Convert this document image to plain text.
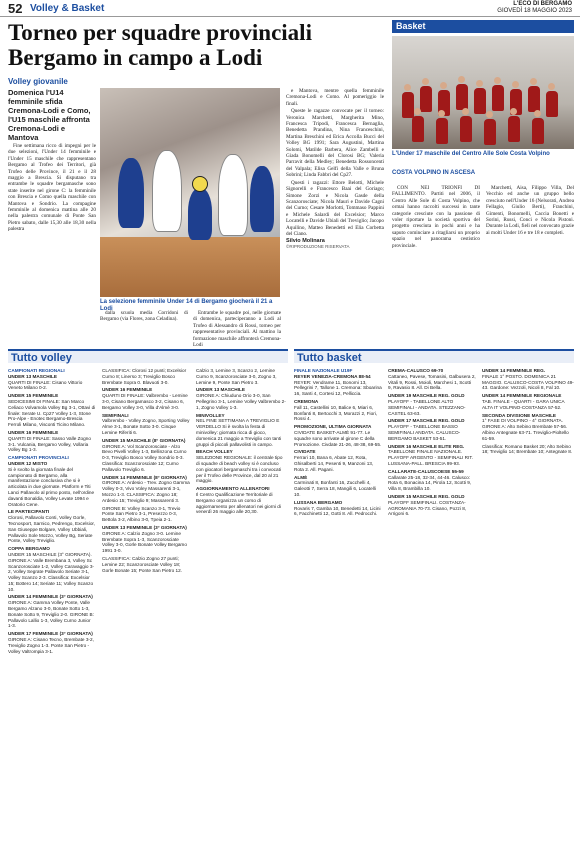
52 Volley & Basket	L'ECO DI BERGAMO
GIOVEDÌ 18 MAGGIO 2023
Torneo per squadre provinciali Bergamo in campo a Lodi
Volley giovanile
Domenica l'U14 femminile sfida Cremona-Lodi e Como, l'U15 maschile affronta Cremona-Lodi e Mantova

Fine settimana ricco di impegni per le due selezioni, l'Under 14 femminile e l'Under 15 maschile che rappresentano Bergamo al Trofeo dei Territori, già Trofeo delle Province, il 21 e il 28 maggio a Brescia. Si disputano tra entrambe le squadre bergamasche sono state inserite nel girone C: la femminile con Brescia e Como quella maschile con Mantova e Sondrio. La compagine femminile al domenica mattina alle 20 nella palestra comunale di Ponte San Pietro sabato, dalle 15,30 alle 18,30 nella palestra

La selezione femminile Under 14 di Bergamo giocherà il 21 a Lodi

dalla scuola media Corridoni di Bergamo (via Flores, zona Celadina).

Entrambe le squadre poi, nelle giornate di domenica, parteciperanno a Lodi al Trofeo di Alessandro di Rossi, torneo per rappresentative provinciali. Al mattino la formazione maschile affronterà Cremona-Lodi

e Mantova, mentre quella femminile Cremona-Lodi e Como. Al pomeriggio le finali.

Queste le ragazze convocate per il torneo: Veronica Marchetti, Margherita Mino, Francesca Tripodi, Francesca Bernaglia, Benedetta Prandina, Nina Franceschini, Martina Breschini ed Erica Accolla Bucci del Volley BG 1991; Sara Augustini, Martina Solomi, Matilde Barbera, Alice Zambelli e Giada Bonomelli del Clorosi BG; Valeria Parravit della Medley; Benedetta Rossoncenti del Valpala; Elisa Gelfi della Valle e Bruna Sobrini; Linda Fabbri del Cp27.

Questi i ragazzi: Ettore Belotti, Michele Signorelli e Francesco Baai del Goriago; Simone Zorzi e Nicola Gasde della Scanzorosciate; Nicola Mauri e Davide Cagni del Curno; Cesare Morlotti, Tommaso Pappini e Michele Salardi del Excelsior; Marco Locatelli e Davide Ubiali del Treviglio; Jacopo Aquilino, Matteo Benedetti ed Elia Corbetta del Ciano.

Silvio Molinara
©RIPRODUZIONE RISERVATA
Basket
L'Under 17 maschile del Centro Alle Sole Costa Volpino
COSTA VOLPINO IN ASCESA

CON NEI TRIONFI DI FALLIMENTO. Partiti nel 2006, il Centro Alle Sole di Costa Volpino, che ormai hanno raccolti successi in tante categorie cresciute con la passione di voler riportare la società sportiva del progetto cresciuta in pochi anni e ha saputo cominciare a ritagliarsi un proprio spazio nel panorama cestistico provinciale.

Marchetti, Aisa, Filippo Villa, Del Vecchio ed anche un gruppo bello cresciuto nell'Under 16 (Nelsorati, Andrea Fellagio, Giulio Berti), Franchini, Gimenti, Bonomelli, Caccia Bonetti e Sorini, Russi, Conci e Nicola Pistoni. Durante la Lodi, fieli nel convocato grazie ai molti Under 16 e tre 18 e completi.

Tutto volley	Tutto basket
CAMPIONATI REGIONALI
UNDER 13 MASCHILE
QUARTI DI FINALE: Cisano Vittorio Veneto Milano 0-2.
UNDER 15 FEMMINILE
SEDICESIMI DI FINALE: San Marco Celiaco Volvamola Volley Bg 3-1, Ottavi di finale: Serate U. Cp27 Volley 1-3, Stone Pro-Alpe - Enotec Bergamo-Brescia Ferroli Milano, Visconti Ticino Milano.
UNDER 16 FEMMINILE
QUARTI DI FINALE: Sasso Valle Zogno 3-1. Vulcania, Bergamo Volley, Vollaria Volley Bg 1-3.
CAMPIONATI PROVINCIALI
UNDER 12 MISTO
Si è svolto la giornata finale del campionato di Bergamo, alla manifestazione conclusiva che si è articolata in due giornate. Platform e Titi Lanci Pallavolo al primo posto, nell'ordine davanti Bonaldia, Volley Levate 1994 e Oratorio Cene.
LE PARTECIPANTI
Clorosi, Pallavolo Conti, Volley Gorle, Tecnosport, Sarnico, Pedrengo, Excelsior, San Giuseppe Bolgare, Volley Ubbiali, Pallavolo Sole Mozzo, Volley Bg, Seriate Ponte, Volley Treviglio.
COPPA BERGAMO
UNDER 15 MASCHILE (3° GIORNATA). GIRONE A: Valle Brembana 3, Volley Sc Scanzorosciate 1-2, Volley Caravaggio 3-2, Volley Segrate Pallavolo Seriate 3-1, Volley Scanzo 2-3. Classifica: Excelsior 15; Bottero 14; Seriate 11; Volley Scanzo 10.
UNDER 14 FEMMINILE (3° GIORNATA)
GIRONE A: Gamma Volley Ponte, Valle Bergamo Alzano 3-0, Bonate Sotto 1-3, Bonate Sotto 9, Treviglio 2-0. GIRONE B: Pallavolo Lallio 1-3, Volley Curno Junior 1-3.
UNDER 17 FEMMINILE (3° GIORNATA)
GIRONE A: Cisano Tecno, Brembate 3-2, Treviglio Zogno 1-3. Ponte San Pietro - Volley Valtrompia 3-1.
CLASSIFICA: Clorosi 12 punti; Excelsior Curno 8; Linerso 3; Treviglio Bosco Brembate Sopra 0. Blavuoti 3-0.
UNDER 16 FEMMINILE
QUARTI DI FINALE: Valbrembo - Lemine 3-0, Cisano Bergamasco 3-2, Cisano 6, Bergamo Volley 3-0, Villa d'Almè 3-0.
SEMIFINALI
Valbrembo - Volley Zogno, Sporting Volley Alme 3-1, Bonate Sotto 3-0. Cinque Lemine Riferiti 6.
UNDER 15 MASCHILE (8° GIORNATA)
GIRONE A: Vol Scanzorosciate - Alzo Bevo Pivelli Volley 1-3, Bellinzona Curno 0-3, Treviglio Bosco Volley Sondrio 0-3. Classifica: Scanzorosciate 12; Curno Pallavolo Treviglio 6.
UNDER 14 FEMMINILE (8° GIORNATA)
GIRONE A: Ardesio - Trev. Zogno Gamma Volley 0-3, Vivo Voley Massarenti 3-1, Mozzo 1-3. CLASSIFICA: Zogno 18; Ardesio 15; Treviglio 9; Massarenti 3.
GIRONE B: Volley Scanzo 3-1, Trevio Ponte San Pietro 3-1, Presezzo 0-3, Bettola 3-2, Albino 3-0, Tpeia 2-1.
UNDER 13 FEMMINILE (3° GIORNATA)
GIRONE A: Calzio Zogno 3-0. Lemine Brembate Sopra 1-3, Scanzorosciate Volley 3-0, Gorle Bonate Volley Bergamo 1991 3-0.
CLASSIFICA: Calzio Zogno 27 punti; Lemine 22; Scanzorosciate Volley 18; Gorle Bonate 15; Ponte San Pietro 12.
Calzio 3, Lemine 3, Scanzo 2, Lemine Curno 9, Scanzorosciate 3-0, Zogno 3, Lemine 9, Ponte San Pietro 3.
UNDER 13 MASCHILE
GIRONE A: Chiuduno Orio 3-0, San Pellegrino 3-1, Lemine Volley Valbrembo 2-1, Zogno Volley 1-3.
MINIVOLLEY
NEL FINE SETTIMANA A TREVIGLIO E VERDELLO Si è svolta la festa di minivolley: giornata ricca di gioco, domenica 21 maggio a Treviglio con tanti gruppi di piccoli pallavolisti in campo.
BEACH VOLLEY
SELEZIONE REGIONALE: il centrale tipo di squadre di beach volley si è concluso con giocatori bergamaschi tra i convocati per il Trofeo delle Province, dal 20 al 21 maggio.
AGGIORNAMENTO ALLENATORI
Il Centro Qualificazione Territoriale di Bergamo organizza un corso di aggiornamento per allenatori nei giorni di venerdì 26 maggio alle 20,30.
FINALE NAZIONALE U19F
REYER VENEZIA-CREMONA 88-54
REYER: Vendrame 11, Bonomi 13, Pellegrini 7, Tallone 1. Cremona: Sboarina 16, Santi 4, Cortesi 12, Pelliccia.
CREMONA
Fall 11, Castellini 10, Balice 6, Miari 6, Bonfanti 8, Bertocchi 3, Morazzi 2, Fiori, Rossi 4.
PROMOZIONE, ULTIMA GIORNATA
CIVIDATE BASKET-ALMÈ 91-77. Le squadre sono arrivate al girone C della Promozione. Civdate 21-26, 48-38, 69-55.
CIVIDATE
Ferrari 10, Bana 6, Abate 12, Rota, Ghisalberti 14, Pesenti 9, Manzoni 13, Rota 2. All. Pagani.
ALMÈ
Carminati 8, Bonfanti 16, Zucchelli 4, Galeotti 7, Serra 18, Mangili 6, Locatelli 10.
LUSSANA BERGAMO
Rovaris 7, Gamba 10, Benedetti 14, Licini 6, Facchinetti 12, Gotti 8. All. Pedrocchi.
CREMA-CALUSCO 69-70
Cattaneo, Pavese, Tomasini, Galbusera 2, Vitali 9, Rossi, Moioli, Marchesi 1, Scotti 9, Ravasio 8. All. Di Bella.
UNDER 19 MASCHILE REG. GOLD
PLAYOFF - TABELLONE ALTO SEMIFINALI - ANDATA. STEZZANO-CASTEL 63-63.
UNDER 17 MASCHILE REG. GOLD
PLAYOFF - TABELLONE BASSO SEMIFINALI ANDATA. CALUSCO-BERGAMO BASKET 53-51.
UNDER 16 MASCHILE ELITE REG.
TABELLONE FINALE NAZIONALE. PLAYOFF ARGENTO - SEMIFINALI RIT. LUSSANA-PALL. BRESCIA 99-93.
CALLARATE-CALUSCOESE 55-59
Callarate 25-18, 32-34, 44-46. Calusco: Rota 6, Bonacina 14, Pirola 12, Scotti 9, Villa 8, Brambilla 10.
UNDER 15 MASCHILE REG. GOLD
PLAYOFF SEMIFINALI. COSTANZA-AGROMANIA 70-73. Cisano, Pozzi 8, Arrigoni 6.
UNDER 14 FEMMINILE REG.
FINALE 1° POSTO. DOMENICA 21 MAGGIO. CALUSCO-COSTA VOLPINO 49-43. Gardone: Vezzoli, Nicoli 8, Fal 10.
UNDER 14 FEMMINILE REGIONALE
TAB. FINALE - QUARTI - GARA UNICA ALTA IT VOLPINO-COSTANZA 57-52.
SECONDA DIVISIONE MASCHILE
1° FASE DI VOLPINO - 4° GIORNATA. GIRONE A: Alto Sebino Brembate 57-56. Albino Antegnate 63-71. Treviglio-Pioltello 61-59.
Classifica: Romano Basket 20; Alto Sebino 18; Treviglio 14; Brembate 10; Antegnate 8.
